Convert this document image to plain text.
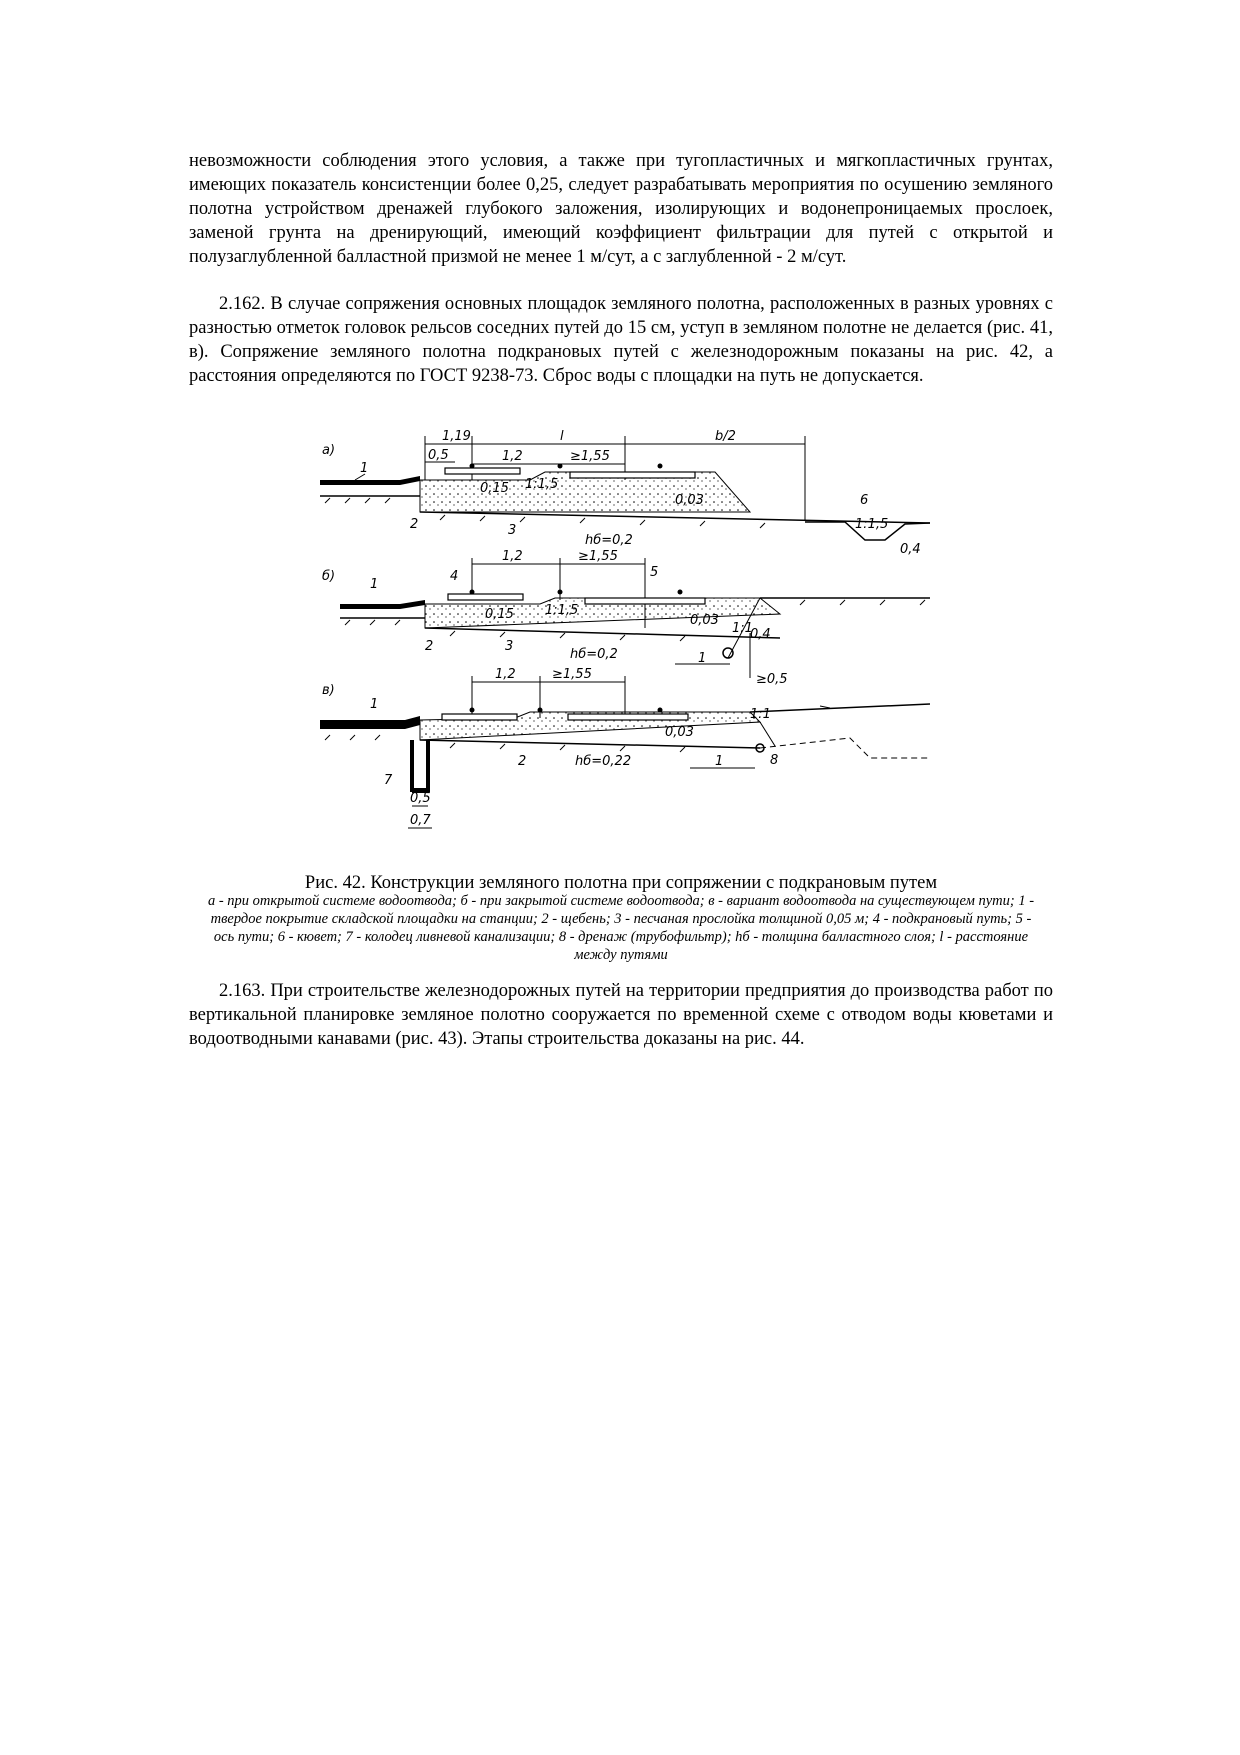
невозможности соблюдения этого условия, а также при тугопластичных и мягкопластичных грунтах, имеющих показатель консистенции более 0,25, следует разрабатывать мероприятия по осушению земляного полотна устройством дренажей глубокого заложения, изолирующих и водонепроницаемых прослоек, заменой грунта на дренирующий, имеющий коэффициент фильтрации для путей с открытой и полузаглубленной балластной призмой не менее 1 м/сут, а с заглубленной - 2 м/сут.

2.162. В случае сопряжения основных площадок земляного полотна, расположенных в разных уровнях с разностью отметок головок рельсов соседних путей до 15 см, уступ в земляном полотне не делается (рис. 41, в). Сопряжение земляного полотна подкрановых путей с железнодорожным показаны на рис. 42, а расстояния определяются по ГОСТ 9238-73. Сброс воды с площадки на путь не допускается.

а)
1,19	l	b/2
0,5	1,2	≥1,55
1
0,15 1:1,5
0,03
2	3
hб=0,2
6
1:1,5
0,4
б)
1,2	≥1,55
4	5
1
0,15 1:1,5
0,03
2	3
hб=0,2
1:1
1
≥0,5
0,4
в)
1,2	≥1,55
1
0,03
2	hб=0,22	1	8
7
0,5
0,7
1:1

Рис. 42. Конструкции земляного полотна при сопряжении с подкрановым путем

а - при открытой системе водоотвода; б - при закрытой системе водоотвода; в - вариант водоотвода на существующем пути; 1 - твердое покрытие складской площадки на станции; 2 - щебень; 3 - песчаная прослойка толщиной 0,05 м; 4 - подкрановый путь; 5 - ось пути; 6 - кювет; 7 - колодец ливневой канализации; 8 - дренаж (трубофильтр); hб - толщина балластного слоя; l - расстояние между путями

2.163. При строительстве железнодорожных путей на территории предприятия до производства работ по вертикальной планировке земляное полотно сооружается по временной схеме с отводом воды кюветами и водоотводными канавами (рис. 43). Этапы строительства доказаны на рис. 44.
